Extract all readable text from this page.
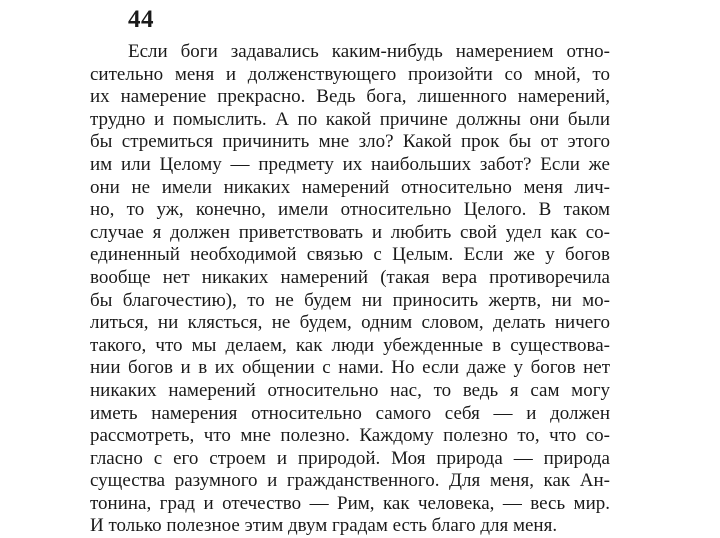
44
Если боги задавались каким-нибудь намерением отно-
сительно меня и долженствующего произойти со мной, то
их намерение прекрасно. Ведь бога, лишенного намерений,
трудно и помыслить. А по какой причине должны они были
бы стремиться причинить мне зло? Какой прок бы от этого
им или Целому — предмету их наибольших забот? Если же
они не имели никаких намерений относительно меня лич-
но, то уж, конечно, имели относительно Целого. В таком
случае я должен приветствовать и любить свой удел как со-
единенный необходимой связью с Целым. Если же у богов
вообще нет никаких намерений (такая вера противоречила
бы благочестию), то не будем ни приносить жертв, ни мо-
литься, ни клясться, не будем, одним словом, делать ничего
такого, что мы делаем, как люди убежденные в существова-
нии богов и в их общении с нами. Но если даже у богов нет
никаких намерений относительно нас, то ведь я сам могу
иметь намерения относительно самого себя — и должен
рассмотреть, что мне полезно. Каждому полезно то, что со-
гласно с его строем и природой. Моя природа — природа
существа разумного и гражданственного. Для меня, как Ан-
тонина, град и отечество — Рим, как человека, — весь мир.
И только полезное этим двум градам есть благо для меня.
